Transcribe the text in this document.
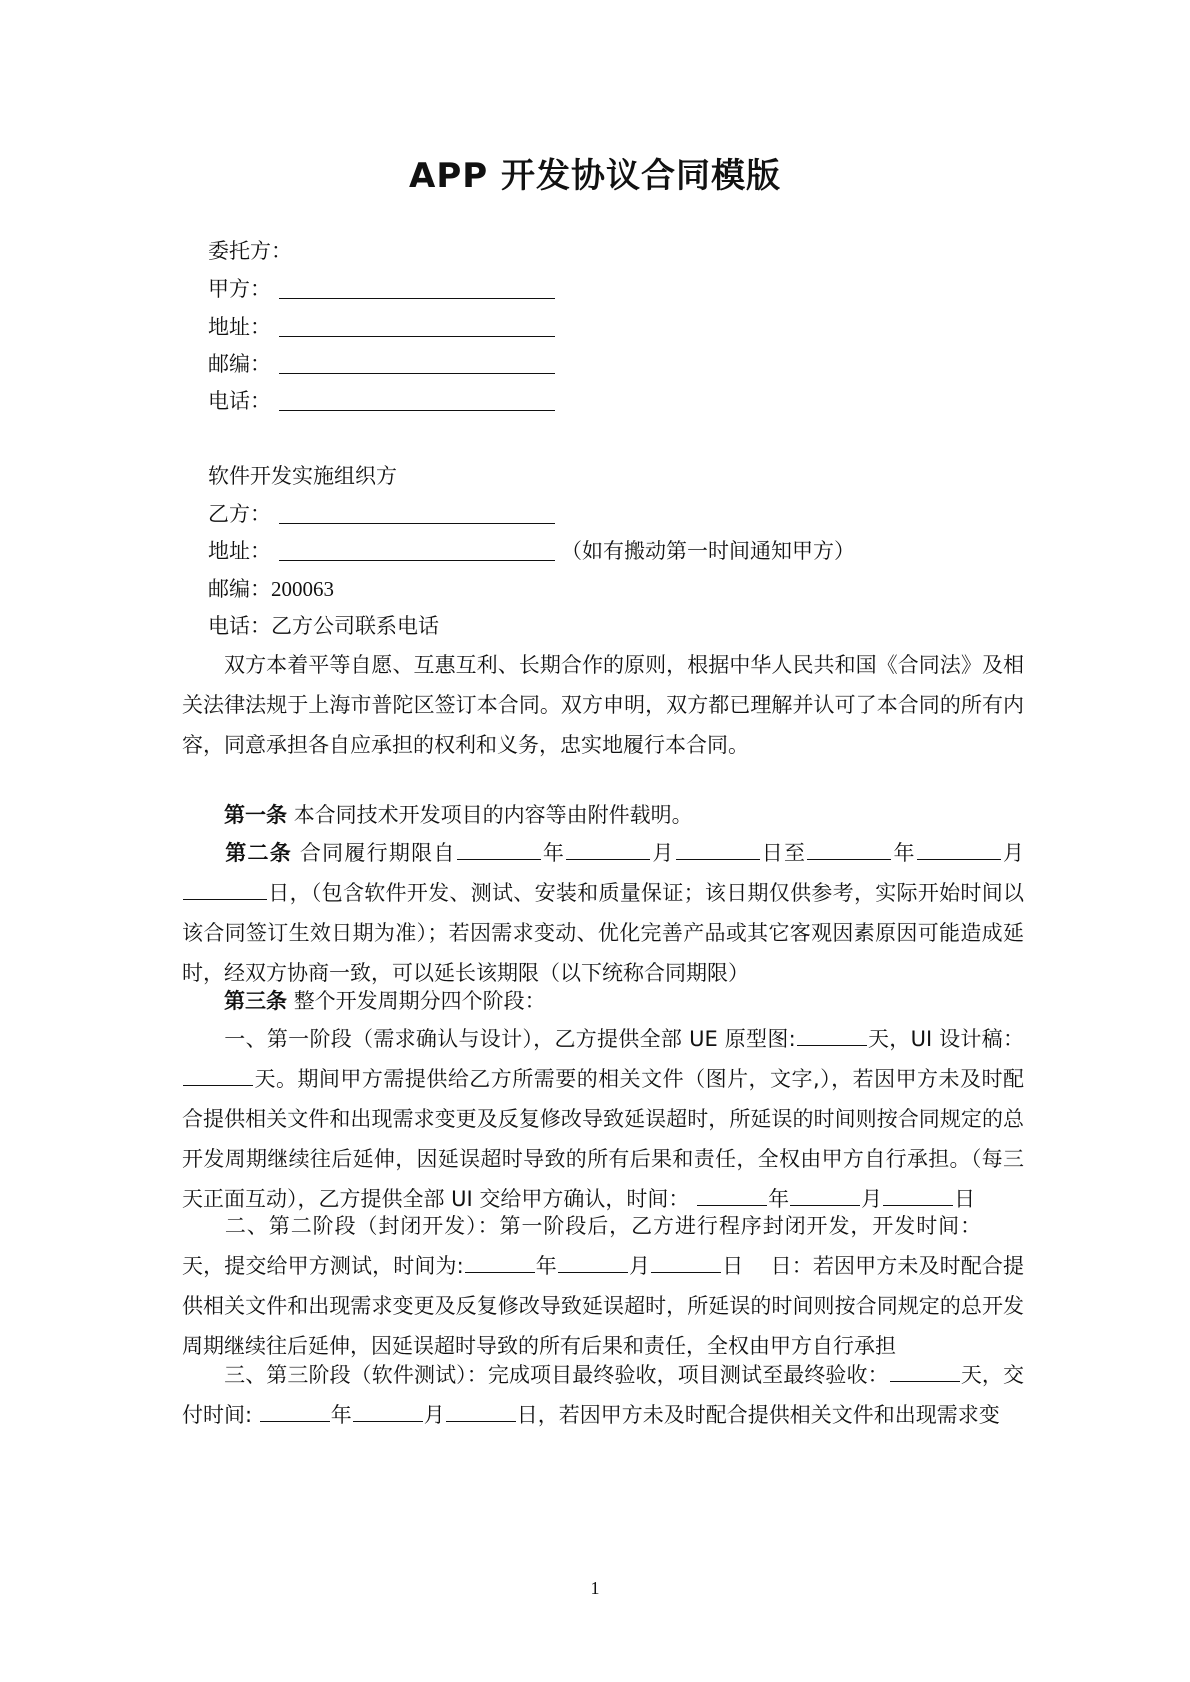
APP 开发协议合同模版
委托方：
甲方：
地址：
邮编：
电话：
软件开发实施组织方
乙方：
地址：	（如有搬动第一时间通知甲方）
邮编：200063
电话：乙方公司联系电话

双方本着平等自愿、互惠互利、长期合作的原则，根据中华人民共和国《合同法》及相关法律法规于上海市普陀区签订本合同。双方申明，双方都已理解并认可了本合同的所有内容，同意承担各自应承担的权利和义务，忠实地履行本合同。

第一条 本合同技术开发项目的内容等由附件载明。

第二条 合同履行期限自	年	月	日至	年	月 日，（包含软件开发、测试、安装和质量保证；该日期仅供参考，实际开始时间以该合同签订生效日期为准）；若因需求变动、优化完善产品或其它客观因素原因可能造成延时，经双方协商一致，可以延长该期限（以下统称合同期限）

第三条 整个开发周期分四个阶段：

一、第一阶段（需求确认与设计），乙方提供全部 UE 原型图:	天，UI 设计稿： 天。期间甲方需提供给乙方所需要的相关文件（图片，文字,），若因甲方未及时配合提供相关文件和出现需求变更及反复修改导致延误超时，所延误的时间则按合同规定的总开发周期继续往后延伸，因延误超时导致的所有后果和责任，全权由甲方自行承担。（每三天正面互动），乙方提供全部 UI 交给甲方确认，时间：	年	月	日

二、第二阶段（封闭开发）：第一阶段后，乙方进行程序封闭开发，开发时间：天，提交给甲方测试，时间为:	年	月	日 日：若因甲方未及时配合提供相关文件和出现需求变更及反复修改导致延误超时，所延误的时间则按合同规定的总开发周期继续往后延伸，因延误超时导致的所有后果和责任，全权由甲方自行承担

三、第三阶段（软件测试）：完成项目最终验收，项目测试至最终验收：	天，交付时间:	年	月	日，若因甲方未及时配合提供相关文件和出现需求变

1
